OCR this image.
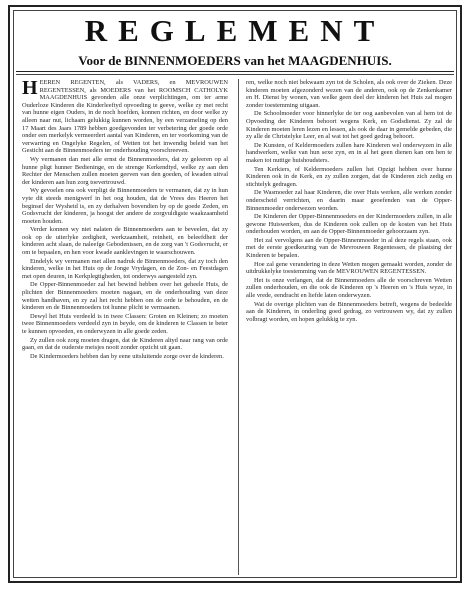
REGLEMENT
Voor de BINNENMOEDERS van het MAAGDENHUIS.

HEEREN REGENTEN, als VADERS, en MEVROUWEN REGENTESSEN, als MOEDERS van het ROOMSCH CATHOLYK MAAGDENHUIS gevonden alle onze verplichtingen, om ter arme Ouderloze Kinderen die Kinderleeftyd opvoeding te geeve, welke zy met recht van hunne eigen Ouders, in de noch hoefden, konnen richten, en door welke zy alleen naar nut, lichaam gelukkig kunnen worden, by een verzameling op den 17 Maart des Jaars 1789 hebben goedgevonden ter verbetering der goede orde onder een merkelyk vermeerdert aantal van Kinderen, en ter voorkoming van de verwarring en Ongelyke Regelen, of Wetten tot het inwendig beleid van het Gesticht aan de Binnenmoeders ter onderhouding voorschreeven.

Wy vermanen dan met alle ernst de Binnenmoeders, dat zy geleeren op al hunne pligt hunner Bedieninge, en de strenge Kerkendtyd, welke zy aan den Rechter der Menschen zullen moeten geeven van den goeden, of kwaden uitval der kinderen aan hun zorg toevertrouwd.

Wy gevoelen ons ook verpligt de Binnenmoeders te vermanen, dat zy in hun vyte dit steeds menigwerf in het oog houden, dat de Vrees des Heeren het beginsel der Wysheid is, en zy derhalven bovendien by op de goede Zeden, en Godsvrucht der kinderen, ja hoogst der andere de zorgvuldigste waakzaamheid moeten houden.

Verder konnen wy niet nalaten de Binnenmoeders aan te beveelen, dat zy ook op de uiterlyke zedigheit, werkzaamheit, reinheit, en beleefdheit der kinderen acht slaan, de naleefge Gebodenissen, en de zorg van 't Godsvrucht, er om te bepaalen, en hen voor kwade aanklevingen te waarschouwen.

Eindelyk wy vermanen met allen nadruk de Binnenmoeders, dat zy toch den kinderen, welke in het Huis op de Jonge Vrydagen, en de Zon- en Feestdagen met open deuren, in Kerkplegtigheden, tot onderwys aangesteld zyn.

De Opper-Binnenmoeder zal het bewind hebben over het geheele Huis, de plichten der Binnenmoeders moeten nagaan, en de onderhouding van deze wetten handhaven, en zy zal het recht hebben om de orde te behouden, en de kinderen en de Binnenmoeders tot hunne plicht te vermaanen.

Dewyl het Huis verdeeld is in twee Classen: Groten en Kleinen; zo moeten twee Binnenmoeders verdeeld zyn in beyde, om de kinderen te Classen te beter te kunnen opvoeden, en onderwyzen in alle goede zeden.

Zy zullen ook zorg moeten dragen, dat de Kinderen altyd naar rang van orde gaan, en dat de ouderste meisjes nooit zonder opzicht uit gaan.

De Kindermoeders hebben dan by eene uitsluitende zorge over de kinderen.

ren, welke noch niet bekwaam zyn tot de Scholen, als ook over de Zieken. Deze kinderen moeten afgezonderd wezen van de anderen, ook op de Zenkenkamer en H. Dienst by wonen, van welke geen deel der kinderen het Huis zal mogen zonder toestemming uitgaan.

De Schoolmoeder voor hinnerlyke de ter oog aanbevolen van al hem tot de Opvoeding der Kinderen behoort wegens Kerk, en Godsdienst. Zy zal de Kinderen moeten leren lezen en lessen, als ook de daar in gemelde gebeden, die zy alle de Christelyke Leer, en al wat tot het goed gedrag behoort.

De Kunsten, of Keldermoeders zullen hare Kinderen wel onderwyzen in alle handwerken, welke van hun sexe zyn, en in al het geen dienen kan om hen te maken tot nuttige huishoudsters.

Ten Kerkiers, of Keldermoeders zullen het Opzigt hebben over hunne Kinderen ook in de Kerk, en zy zullen zorgen, dat de Kinderen zich zedig en stichtelyk gedragen.

De Wasmoeder zal haar Kinderen, die over Huis werken, alle werken zonder onderscheid verrichten, en daarin maar geoefenden van de Opper-Binnenmoeder onderwezen worden.

De Kinderen der Opper-Binnenmoeders en der Kindermoeders zullen, in alle gewone Huiswerken, dus de Kinderen ook zullen op de kosten van het Huis onderhouden worden, en aan de Opper-Binnenmoeder gehoorzaam zyn.

Het zal vervolgens aan de Opper-Binnenmoeder in al deze regels staan, ook met de eerste goedkeuring van de Mevrouwen Regentessen, de plaatsing der Kinderen te bepalen.

Hoe zal gene verandering in deze Wetten mogen gemaakt worden, zonder de uitdrukkelyke toestemming van de MEVROUWEN REGENTESSEN.

Het is onze verlangen, dat de Binnenmoeders alle de voorschreven Wetten zullen onderhouden, en die ook de Kinderen op 's Heeren en 's Huis wyze, in alle vrede, eendracht en liefde laten onderwyzen.

Wat de overige plichten van de Binnenmoeders betreft, wegens de bedeelde aan de Kinderen, in onderling goed gedrag, zo vertrouwen wy, dat zy zullen volbragt worden, en hopen gelukkig te zyn.
